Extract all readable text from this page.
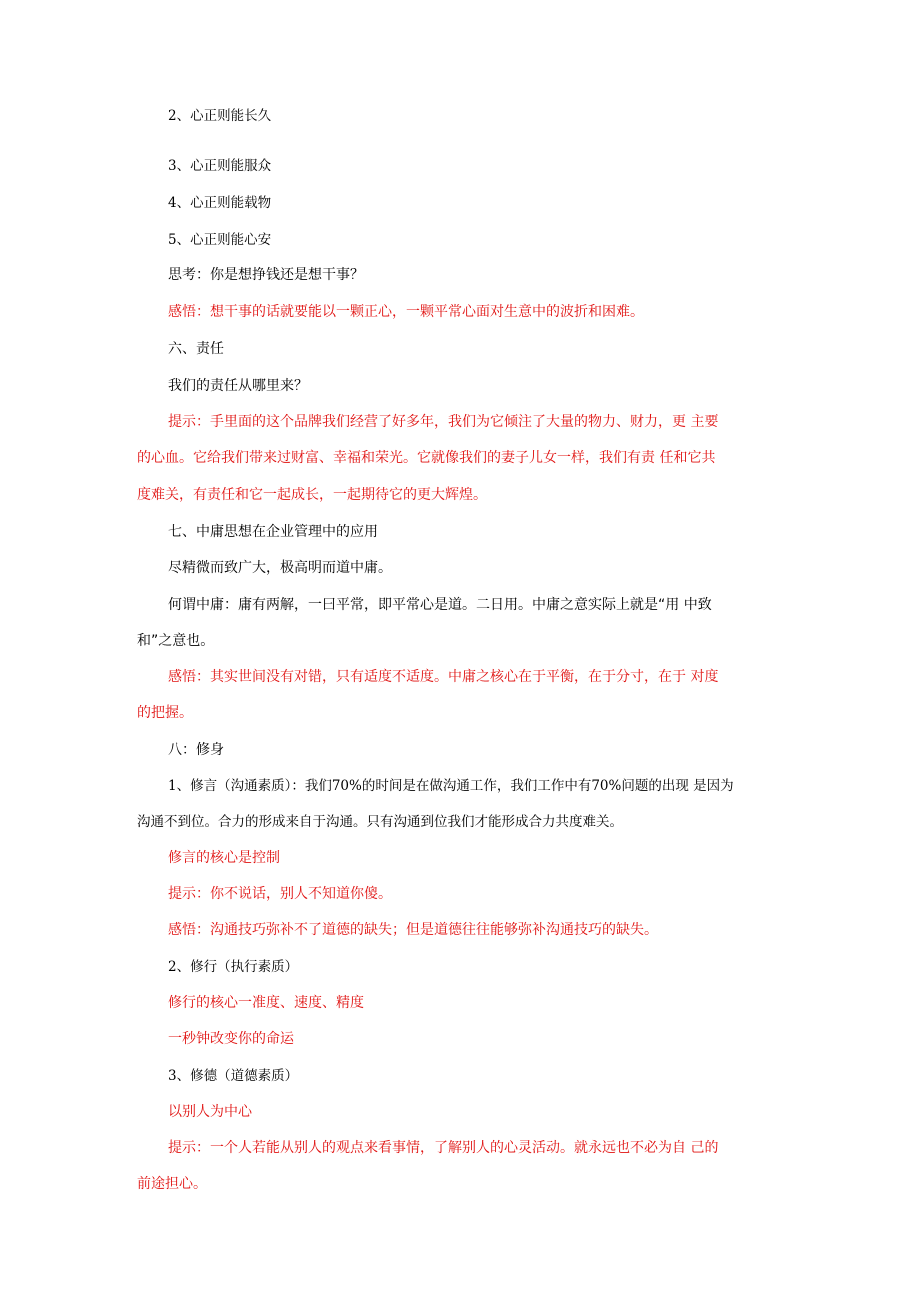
2、心正则能长久
3、心正则能服众
4、心正则能载物
5、心正则能心安
思考：你是想挣钱还是想干事？
感悟：想干事的话就要能以一颗正心，一颗平常心面对生意中的波折和困难。
六、责任
我们的责任从哪里来？
提示：手里面的这个品牌我们经营了好多年，我们为它倾注了大量的物力、财力，更 主要
的心血。它给我们带来过财富、幸福和荣光。它就像我们的妻子儿女一样，我们有责 任和它共
度难关，有责任和它一起成长，一起期待它的更大辉煌。
七、中庸思想在企业管理中的应用
尽精微而致广大，极高明而道中庸。
何谓中庸：庸有两解，一曰平常，即平常心是道。二日用。中庸之意实际上就是“用 中致
和”之意也。
感悟：其实世间没有对错，只有适度不适度。中庸之核心在于平衡，在于分寸，在于 对度
的把握。
八：修身
1、修言（沟通素质）：我们70%的时间是在做沟通工作，我们工作中有70%问题的出现 是因为
沟通不到位。合力的形成来自于沟通。只有沟通到位我们才能形成合力共度难关。
修言的核心是控制
提示：你不说话，别人不知道你傻。
感悟：沟通技巧弥补不了道德的缺失；但是道德往往能够弥补沟通技巧的缺失。
2、修行（执行素质）
修行的核心一准度、速度、精度
一秒钟改变你的命运
3、修德（道德素质）
以别人为中心
提示：一个人若能从别人的观点来看事情，了解别人的心灵活动。就永远也不必为自 己的
前途担心。
